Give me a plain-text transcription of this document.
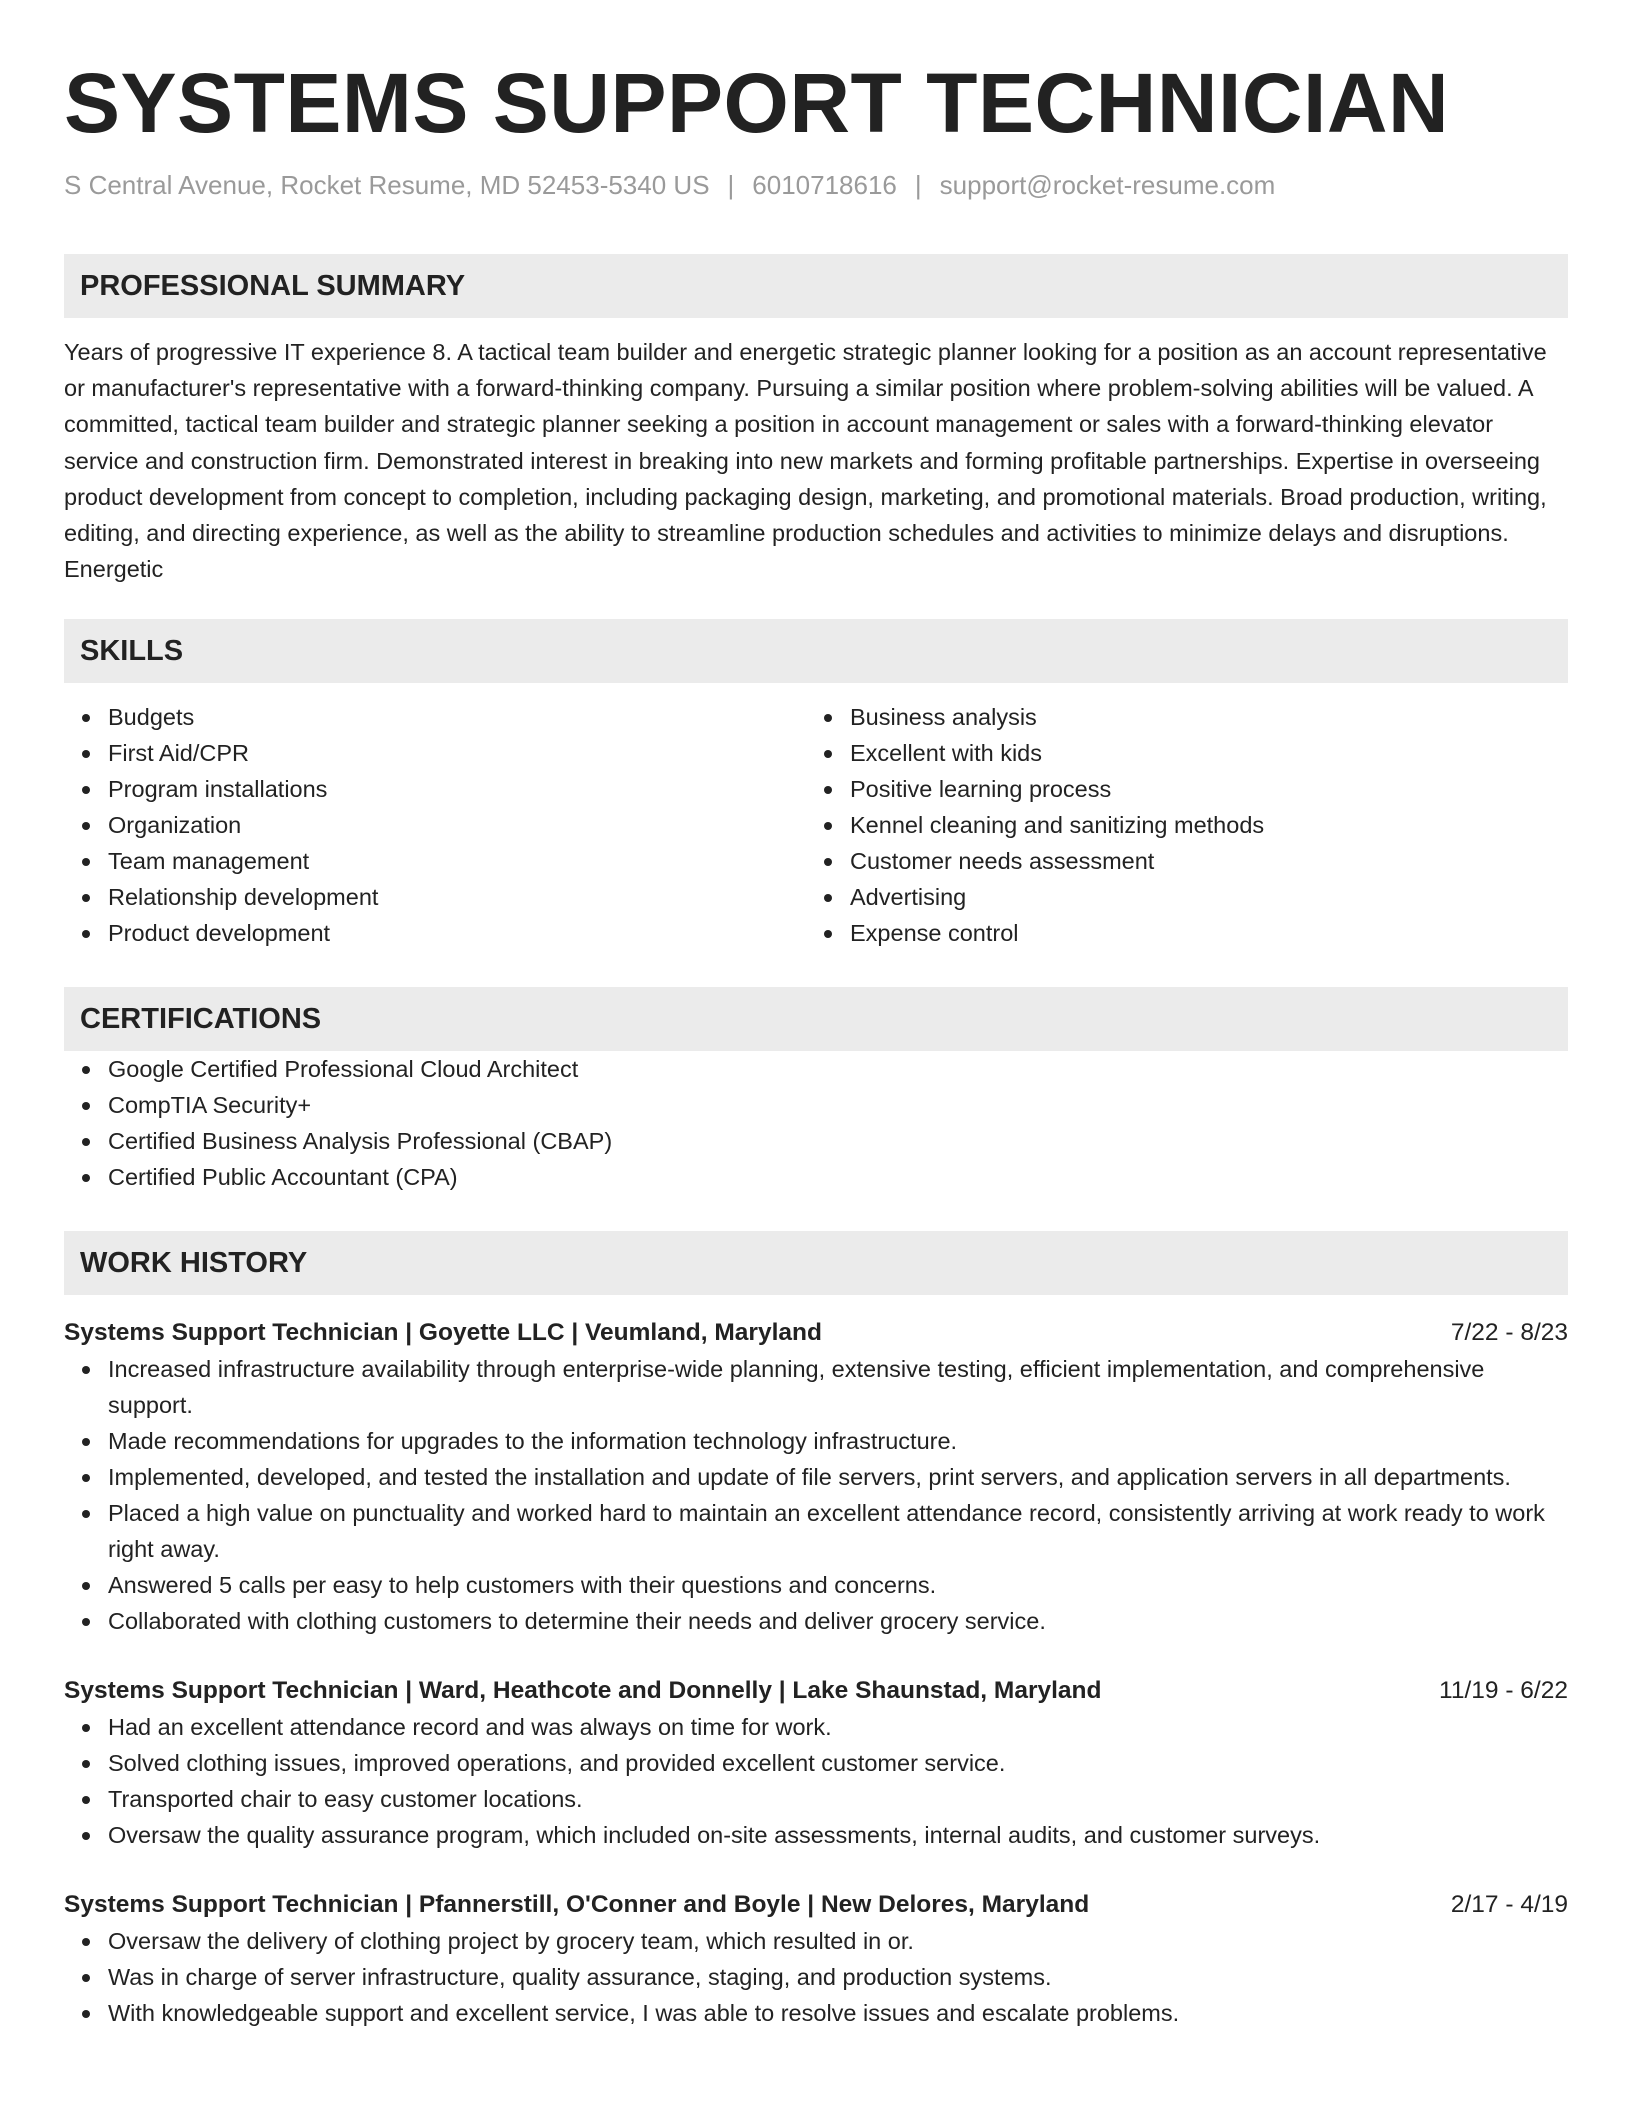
SYSTEMS SUPPORT TECHNICIAN
S Central Avenue, Rocket Resume, MD 52453-5340 US | 6010718616 | support@rocket-resume.com
PROFESSIONAL SUMMARY
Years of progressive IT experience 8. A tactical team builder and energetic strategic planner looking for a position as an account representative or manufacturer's representative with a forward-thinking company. Pursuing a similar position where problem-solving abilities will be valued. A committed, tactical team builder and strategic planner seeking a position in account management or sales with a forward-thinking elevator service and construction firm. Demonstrated interest in breaking into new markets and forming profitable partnerships. Expertise in overseeing product development from concept to completion, including packaging design, marketing, and promotional materials. Broad production, writing, editing, and directing experience, as well as the ability to streamline production schedules and activities to minimize delays and disruptions. Energetic
SKILLS
Budgets
First Aid/CPR
Program installations
Organization
Team management
Relationship development
Product development
Business analysis
Excellent with kids
Positive learning process
Kennel cleaning and sanitizing methods
Customer needs assessment
Advertising
Expense control
CERTIFICATIONS
Google Certified Professional Cloud Architect
CompTIA Security+
Certified Business Analysis Professional (CBAP)
Certified Public Accountant (CPA)
WORK HISTORY
Systems Support Technician | Goyette LLC | Veumland, Maryland	7/22 - 8/23
Increased infrastructure availability through enterprise-wide planning, extensive testing, efficient implementation, and comprehensive support.
Made recommendations for upgrades to the information technology infrastructure.
Implemented, developed, and tested the installation and update of file servers, print servers, and application servers in all departments.
Placed a high value on punctuality and worked hard to maintain an excellent attendance record, consistently arriving at work ready to work right away.
Answered 5 calls per easy to help customers with their questions and concerns.
Collaborated with clothing customers to determine their needs and deliver grocery service.
Systems Support Technician | Ward, Heathcote and Donnelly | Lake Shaunstad, Maryland	11/19 - 6/22
Had an excellent attendance record and was always on time for work.
Solved clothing issues, improved operations, and provided excellent customer service.
Transported chair to easy customer locations.
Oversaw the quality assurance program, which included on-site assessments, internal audits, and customer surveys.
Systems Support Technician | Pfannerstill, O'Conner and Boyle | New Delores, Maryland	2/17 - 4/19
Oversaw the delivery of clothing project by grocery team, which resulted in or.
Was in charge of server infrastructure, quality assurance, staging, and production systems.
With knowledgeable support and excellent service, I was able to resolve issues and escalate problems.
